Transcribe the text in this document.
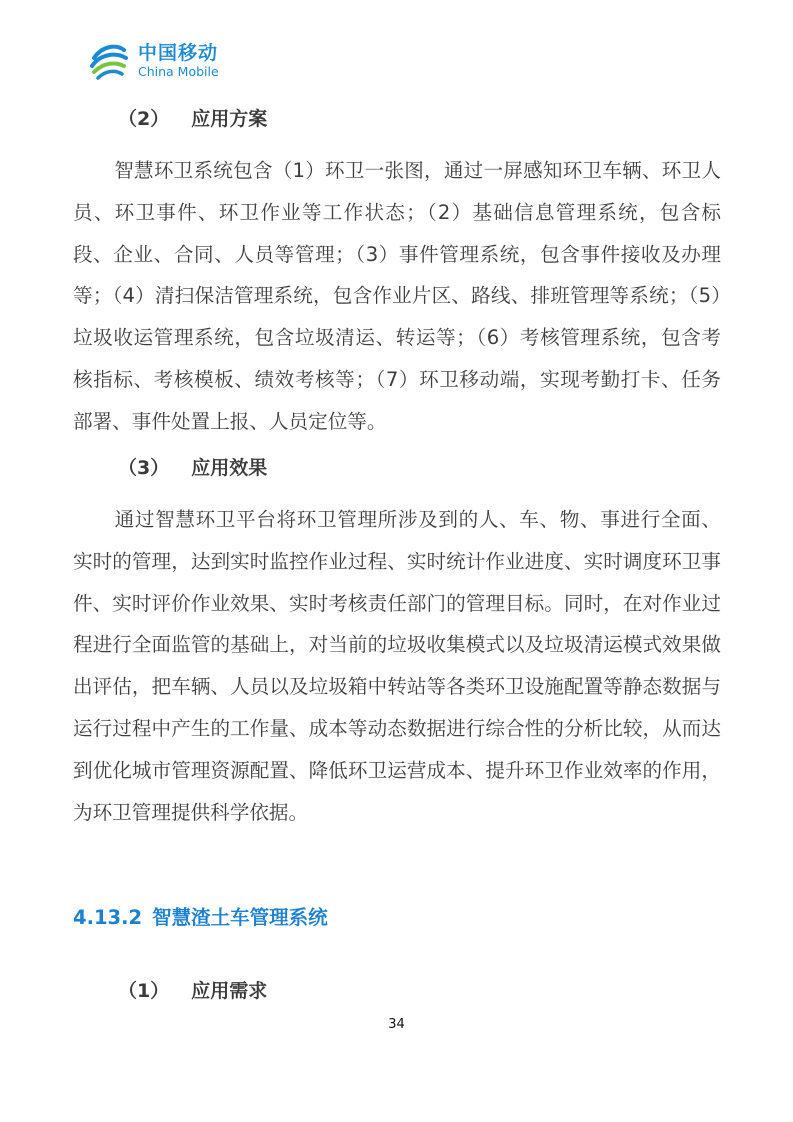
中国移动
China Mobile
（2） 应用方案

智慧环卫系统包含（1）环卫一张图，通过一屏感知环卫车辆、环卫人员、环卫事件、环卫作业等工作状态；（2）基础信息管理系统，包含标段、企业、合同、人员等管理；（3）事件管理系统，包含事件接收及办理等；（4）清扫保洁管理系统，包含作业片区、路线、排班管理等系统；（5）垃圾收运管理系统，包含垃圾清运、转运等；（6）考核管理系统，包含考核指标、考核模板、绩效考核等；（7）环卫移动端，实现考勤打卡、任务部署、事件处置上报、人员定位等。

（3） 应用效果

通过智慧环卫平台将环卫管理所涉及到的人、车、物、事进行全面、实时的管理，达到实时监控作业过程、实时统计作业进度、实时调度环卫事件、实时评价作业效果、实时考核责任部门的管理目标。同时，在对作业过程进行全面监管的基础上，对当前的垃圾收集模式以及垃圾清运模式效果做出评估，把车辆、人员以及垃圾箱中转站等各类环卫设施配置等静态数据与运行过程中产生的工作量、成本等动态数据进行综合性的分析比较，从而达到优化城市管理资源配置、降低环卫运营成本、提升环卫作业效率的作用，为环卫管理提供科学依据。

4.13.2 智慧渣土车管理系统
（1） 应用需求
34
